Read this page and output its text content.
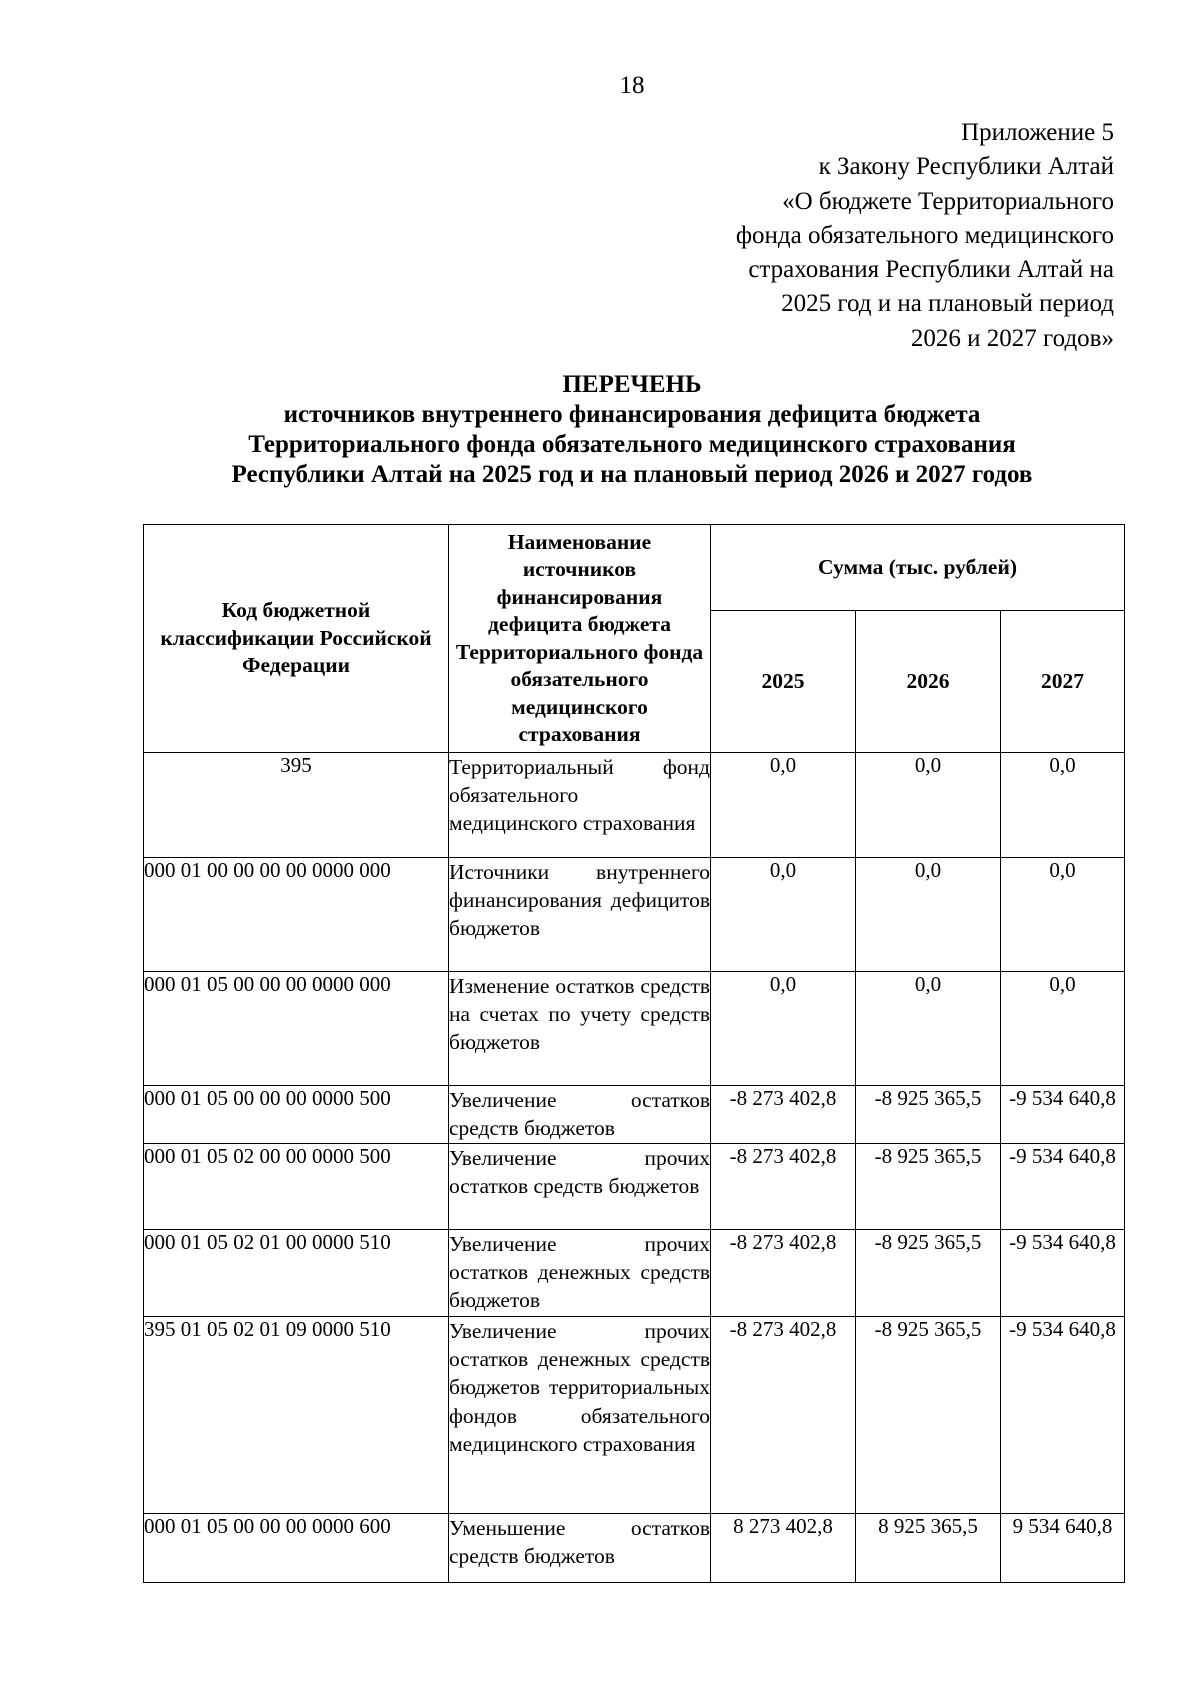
18
Приложение 5
к Закону Республики Алтай
«О бюджете Территориального
фонда обязательного медицинского
страхования Республики Алтай на
2025 год и на плановый период
2026 и 2027 годов»
ПЕРЕЧЕНЬ
источников внутреннего финансирования дефицита бюджета
Территориального фонда обязательного медицинского страхования
Республики Алтай на 2025 год и на плановый период 2026 и 2027 годов
Код бюджетной классификации Российской Федерации	Наименование источников финансирования дефицита бюджета Территориального фонда обязательного медицинского страхования	Сумма (тыс. рублей)		
		2025	2026	2027
395	Территориальный фонд обязательного медицинского страхования	0,0	0,0	0,0
000 01 00 00 00 00 0000 000	Источники внутреннего финансирования дефицитов бюджетов	0,0	0,0	0,0
000 01 05 00 00 00 0000 000	Изменение остатков средств на счетах по учету средств бюджетов	0,0	0,0	0,0
000 01 05 00 00 00 0000 500	Увеличение остатков средств бюджетов	-8 273 402,8	-8 925 365,5	-9 534 640,8
000 01 05 02 00 00 0000 500	Увеличение прочих остатков средств бюджетов	-8 273 402,8	-8 925 365,5	-9 534 640,8
000 01 05 02 01 00 0000 510	Увеличение прочих остатков денежных средств бюджетов	-8 273 402,8	-8 925 365,5	-9 534 640,8
395 01 05 02 01 09 0000 510	Увеличение прочих остатков денежных средств бюджетов территориальных фондов обязательного медицинского страхования	-8 273 402,8	-8 925 365,5	-9 534 640,8
000 01 05 00 00 00 0000 600	Уменьшение остатков средств бюджетов	8 273 402,8	8 925 365,5	9 534 640,8
